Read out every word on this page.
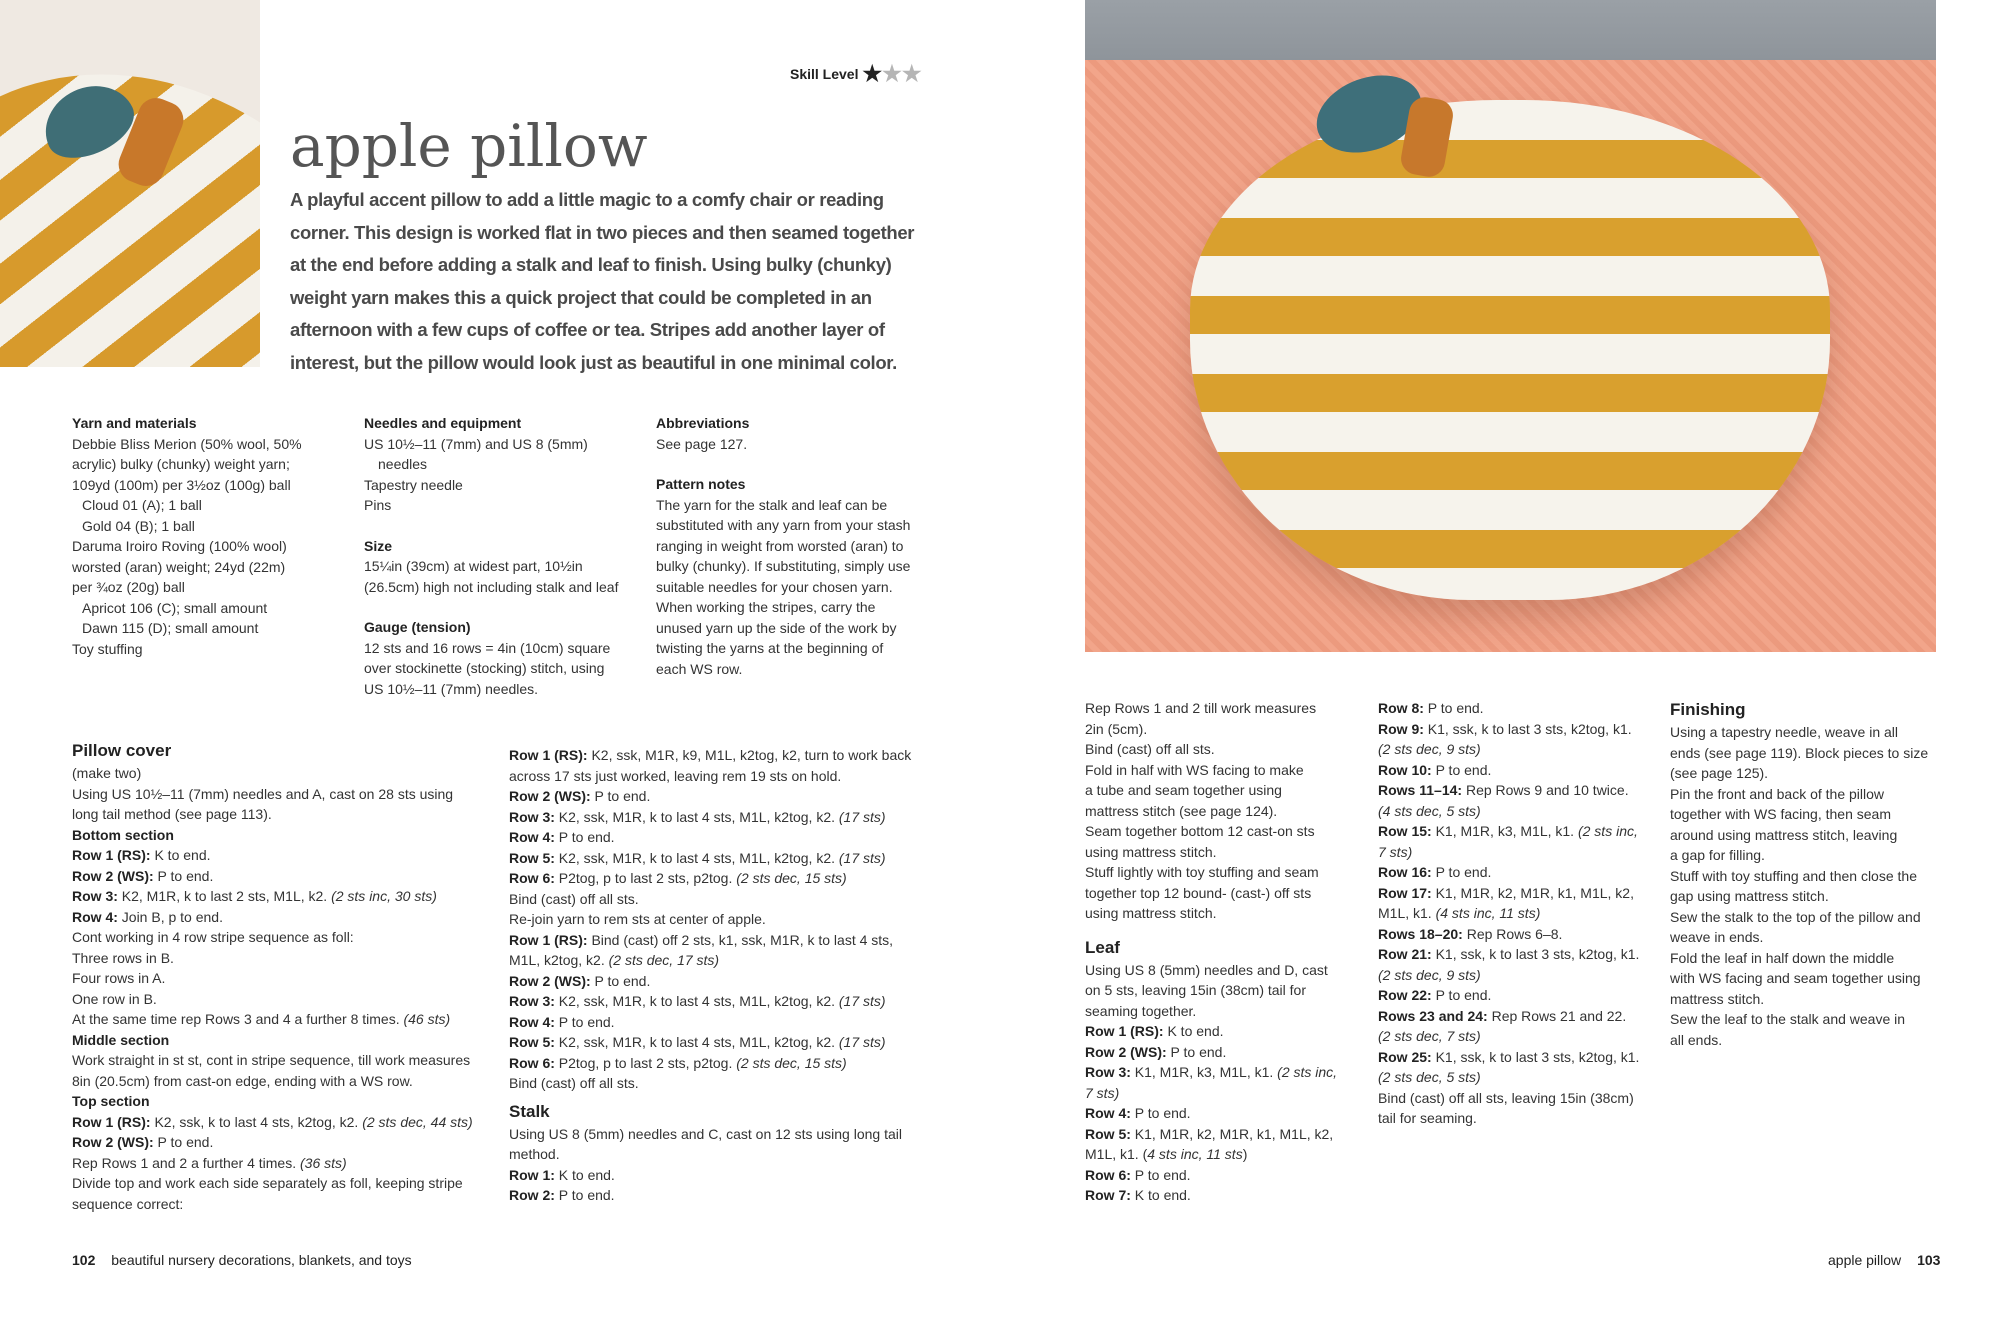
Skill Level ★★★
apple pillow

A playful accent pillow to add a little magic to a comfy chair or reading corner. This design is worked flat in two pieces and then seamed together at the end before adding a stalk and leaf to finish. Using bulky (chunky) weight yarn makes this a quick project that could be completed in an afternoon with a few cups of coffee or tea. Stripes add another layer of interest, but the pillow would look just as beautiful in one minimal color.

Yarn and materials
Debbie Bliss Merion (50% wool, 50%
acrylic) bulky (chunky) weight yarn;
109yd (100m) per 3½oz (100g) ball
Cloud 01 (A); 1 ball
Gold 04 (B); 1 ball
Daruma Iroiro Roving (100% wool)
worsted (aran) weight; 24yd (22m)
per ¾oz (20g) ball
Apricot 106 (C); small amount
Dawn 115 (D); small amount
Toy stuffing
Needles and equipment
US 10½–11 (7mm) and US 8 (5mm)
needles
Tapestry needle
Pins
Size
15¼in (39cm) at widest part, 10½in
(26.5cm) high not including stalk and leaf
Gauge (tension)
12 sts and 16 rows = 4in (10cm) square
over stockinette (stocking) stitch, using
US 10½–11 (7mm) needles.
Abbreviations
See page 127.
Pattern notes
The yarn for the stalk and leaf can be
substituted with any yarn from your stash
ranging in weight from worsted (aran) to
bulky (chunky). If substituting, simply use
suitable needles for your chosen yarn.
When working the stripes, carry the
unused yarn up the side of the work by
twisting the yarns at the beginning of
each WS row.
Pillow cover
(make two)
Using US 10½–11 (7mm) needles and A, cast on 28 sts using
long tail method (see page 113).
Bottom section
Row 1 (RS): K to end.
Row 2 (WS): P to end.
Row 3: K2, M1R, k to last 2 sts, M1L, k2. (2 sts inc, 30 sts)
Row 4: Join B, p to end.
Cont working in 4 row stripe sequence as foll:
Three rows in B.
Four rows in A.
One row in B.
At the same time rep Rows 3 and 4 a further 8 times. (46 sts)
Middle section
Work straight in st st, cont in stripe sequence, till work measures
8in (20.5cm) from cast-on edge, ending with a WS row.
Top section
Row 1 (RS): K2, ssk, k to last 4 sts, k2tog, k2. (2 sts dec, 44 sts)
Row 2 (WS): P to end.
Rep Rows 1 and 2 a further 4 times. (36 sts)
Divide top and work each side separately as foll, keeping stripe
sequence correct:
Row 1 (RS): K2, ssk, M1R, k9, M1L, k2tog, k2, turn to work back
across 17 sts just worked, leaving rem 19 sts on hold.
Row 2 (WS): P to end.
Row 3: K2, ssk, M1R, k to last 4 sts, M1L, k2tog, k2. (17 sts)
Row 4: P to end.
Row 5: K2, ssk, M1R, k to last 4 sts, M1L, k2tog, k2. (17 sts)
Row 6: P2tog, p to last 2 sts, p2tog. (2 sts dec, 15 sts)
Bind (cast) off all sts.
Re-join yarn to rem sts at center of apple.
Row 1 (RS): Bind (cast) off 2 sts, k1, ssk, M1R, k to last 4 sts,
M1L, k2tog, k2. (2 sts dec, 17 sts)
Row 2 (WS): P to end.
Row 3: K2, ssk, M1R, k to last 4 sts, M1L, k2tog, k2. (17 sts)
Row 4: P to end.
Row 5: K2, ssk, M1R, k to last 4 sts, M1L, k2tog, k2. (17 sts)
Row 6: P2tog, p to last 2 sts, p2tog. (2 sts dec, 15 sts)
Bind (cast) off all sts.
Stalk
Using US 8 (5mm) needles and C, cast on 12 sts using long tail
method.
Row 1: K to end.
Row 2: P to end.
102 beautiful nursery decorations, blankets, and toys
Rep Rows 1 and 2 till work measures
2in (5cm).
Bind (cast) off all sts.
Fold in half with WS facing to make
a tube and seam together using
mattress stitch (see page 124).
Seam together bottom 12 cast-on sts
using mattress stitch.
Stuff lightly with toy stuffing and seam
together top 12 bound- (cast-) off sts
using mattress stitch.
Leaf
Using US 8 (5mm) needles and D, cast
on 5 sts, leaving 15in (38cm) tail for
seaming together.
Row 1 (RS): K to end.
Row 2 (WS): P to end.
Row 3: K1, M1R, k3, M1L, k1. (2 sts inc,
7 sts)
Row 4: P to end.
Row 5: K1, M1R, k2, M1R, k1, M1L, k2,
M1L, k1. (4 sts inc, 11 sts)
Row 6: P to end.
Row 7: K to end.
Row 8: P to end.
Row 9: K1, ssk, k to last 3 sts, k2tog, k1.
(2 sts dec, 9 sts)
Row 10: P to end.
Rows 11–14: Rep Rows 9 and 10 twice.
(4 sts dec, 5 sts)
Row 15: K1, M1R, k3, M1L, k1. (2 sts inc,
7 sts)
Row 16: P to end.
Row 17: K1, M1R, k2, M1R, k1, M1L, k2,
M1L, k1. (4 sts inc, 11 sts)
Rows 18–20: Rep Rows 6–8.
Row 21: K1, ssk, k to last 3 sts, k2tog, k1.
(2 sts dec, 9 sts)
Row 22: P to end.
Rows 23 and 24: Rep Rows 21 and 22.
(2 sts dec, 7 sts)
Row 25: K1, ssk, k to last 3 sts, k2tog, k1.
(2 sts dec, 5 sts)
Bind (cast) off all sts, leaving 15in (38cm)
tail for seaming.
Finishing
Using a tapestry needle, weave in all
ends (see page 119). Block pieces to size
(see page 125).
Pin the front and back of the pillow
together with WS facing, then seam
around using mattress stitch, leaving
a gap for filling.
Stuff with toy stuffing and then close the
gap using mattress stitch.
Sew the stalk to the top of the pillow and
weave in ends.
Fold the leaf in half down the middle
with WS facing and seam together using
mattress stitch.
Sew the leaf to the stalk and weave in
all ends.
apple pillow 103
